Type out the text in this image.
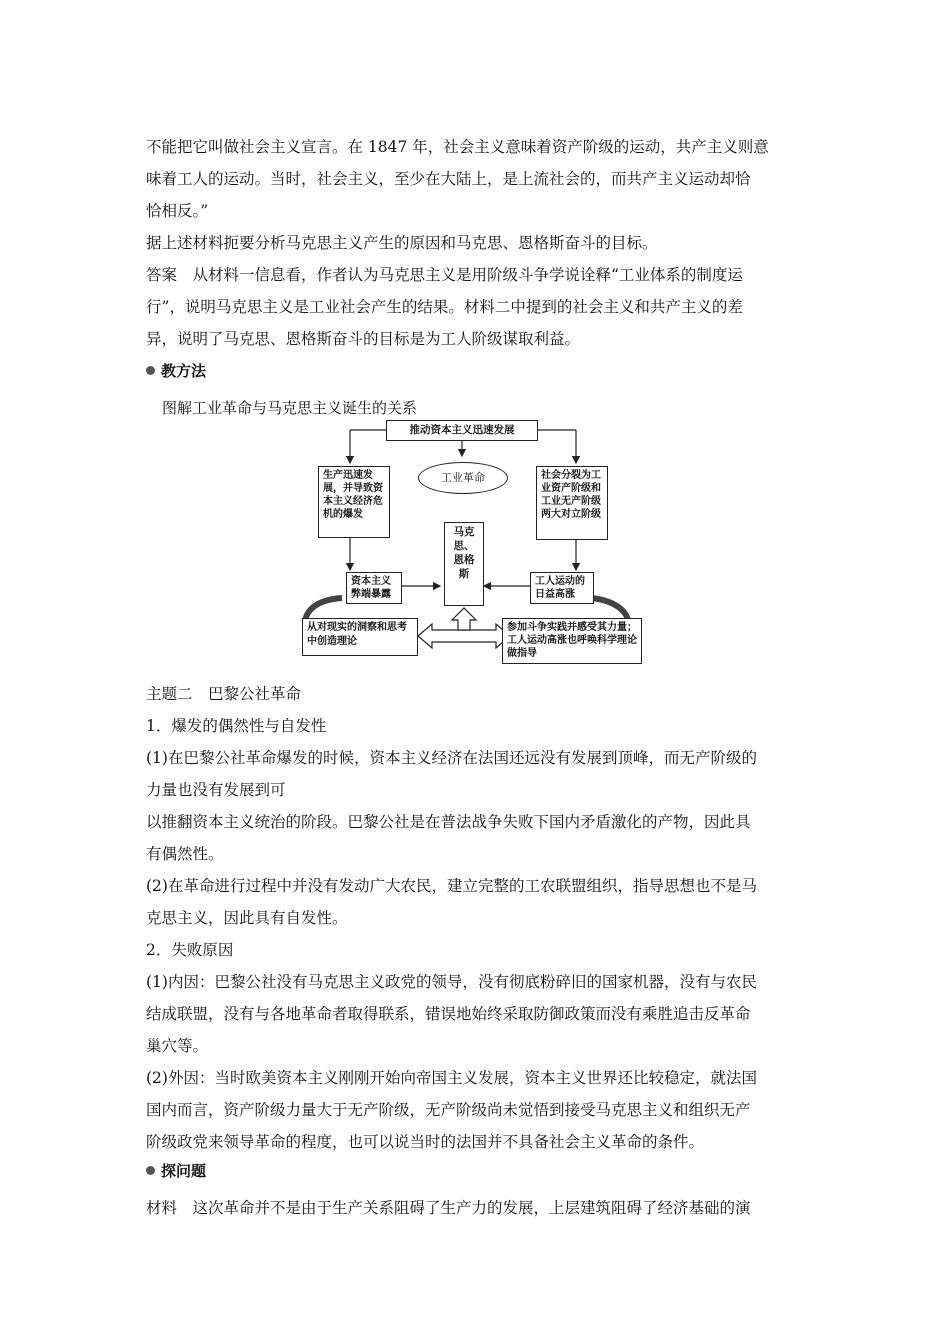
不能把它叫做社会主义宣言。在 1847 年，社会主义意味着资产阶级的运动，共产主义则意
味着工人的运动。当时，社会主义，至少在大陆上，是上流社会的，而共产主义运动却恰
恰相反。”
据上述材料扼要分析马克思主义产生的原因和马克思、恩格斯奋斗的目标。
答案　从材料一信息看，作者认为马克思主义是用阶级斗争学说诠释“工业体系的制度运
行”，说明马克思主义是工业社会产生的结果。材料二中提到的社会主义和共产主义的差
异，说明了马克思、恩格斯奋斗的目标是为工人阶级谋取利益。
教方法
图解工业革命与马克思主义诞生的关系
推动资本主义迅速发展
工业革命
生产迅速发展，并导致资本主义经济危机的爆发
社会分裂为工业资产阶级和工业无产阶级两大对立阶级
马克思、恩格斯
资本主义弊端暴露
工人运动的日益高涨
从对现实的洞察和思考中创造理论
参加斗争实践并感受其力量；工人运动高涨也呼唤科学理论做指导
主题二　巴黎公社革命
1．爆发的偶然性与自发性
(1)在巴黎公社革命爆发的时候，资本主义经济在法国还远没有发展到顶峰，而无产阶级的
力量也没有发展到可
以推翻资本主义统治的阶段。巴黎公社是在普法战争失败下国内矛盾激化的产物，因此具
有偶然性。
(2)在革命进行过程中并没有发动广大农民，建立完整的工农联盟组织，指导思想也不是马
克思主义，因此具有自发性。
2．失败原因
(1)内因：巴黎公社没有马克思主义政党的领导，没有彻底粉碎旧的国家机器，没有与农民
结成联盟，没有与各地革命者取得联系，错误地始终采取防御政策而没有乘胜追击反革命
巢穴等。
(2)外因：当时欧美资本主义刚刚开始向帝国主义发展，资本主义世界还比较稳定，就法国
国内而言，资产阶级力量大于无产阶级，无产阶级尚未觉悟到接受马克思主义和组织无产
阶级政党来领导革命的程度，也可以说当时的法国并不具备社会主义革命的条件。
探问题
材料　这次革命并不是由于生产关系阻碍了生产力的发展，上层建筑阻碍了经济基础的演
